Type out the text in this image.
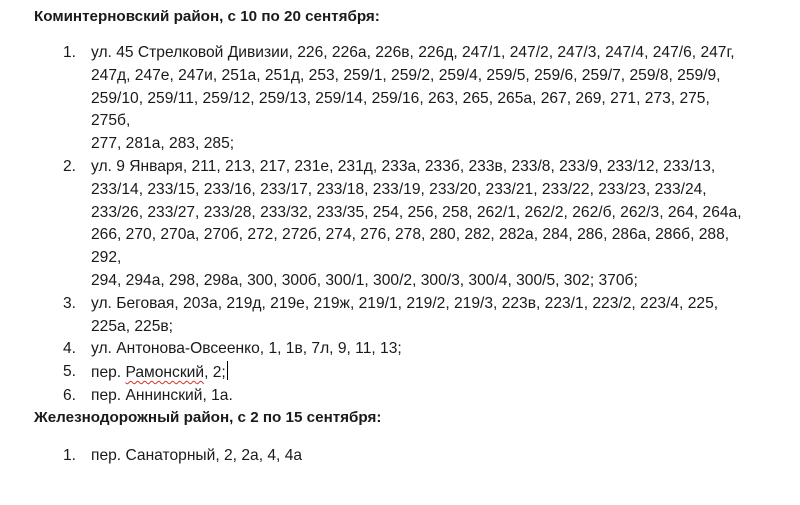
Коминтерновский район, с 10 по 20 сентября:
1. ул. 45 Стрелковой Дивизии, 226, 226а, 226в, 226д, 247/1, 247/2, 247/3, 247/4, 247/6, 247г,
247д, 247е, 247и, 251а, 251д, 253, 259/1, 259/2, 259/4, 259/5, 259/6, 259/7, 259/8, 259/9,
259/10, 259/11, 259/12, 259/13, 259/14, 259/16, 263, 265, 265а, 267, 269, 271, 273, 275, 275б,
277, 281а, 283, 285;
2. ул. 9 Января, 211, 213, 217, 231е, 231д, 233а, 233б, 233в, 233/8, 233/9, 233/12, 233/13,
233/14, 233/15, 233/16, 233/17, 233/18, 233/19, 233/20, 233/21, 233/22, 233/23, 233/24,
233/26, 233/27, 233/28, 233/32, 233/35, 254, 256, 258, 262/1, 262/2, 262/б, 262/3, 264, 264а,
266, 270, 270а, 270б, 272, 272б, 274, 276, 278, 280, 282, 282а, 284, 286, 286а, 286б, 288, 292,
294, 294а, 298, 298а, 300, 300б, 300/1, 300/2, 300/3, 300/4, 300/5, 302; 370б;
3. ул. Беговая, 203а, 219д, 219е, 219ж, 219/1, 219/2, 219/3, 223в, 223/1, 223/2, 223/4, 225,
225а, 225в;
4. ул. Антонова-Овсеенко, 1, 1в, 7л, 9, 11, 13;
5. пер. Рамонский, 2;
6. пер. Аннинский, 1а.
Железнодорожный район, с 2 по 15 сентября:
1. пер. Санаторный, 2, 2а, 4, 4а
